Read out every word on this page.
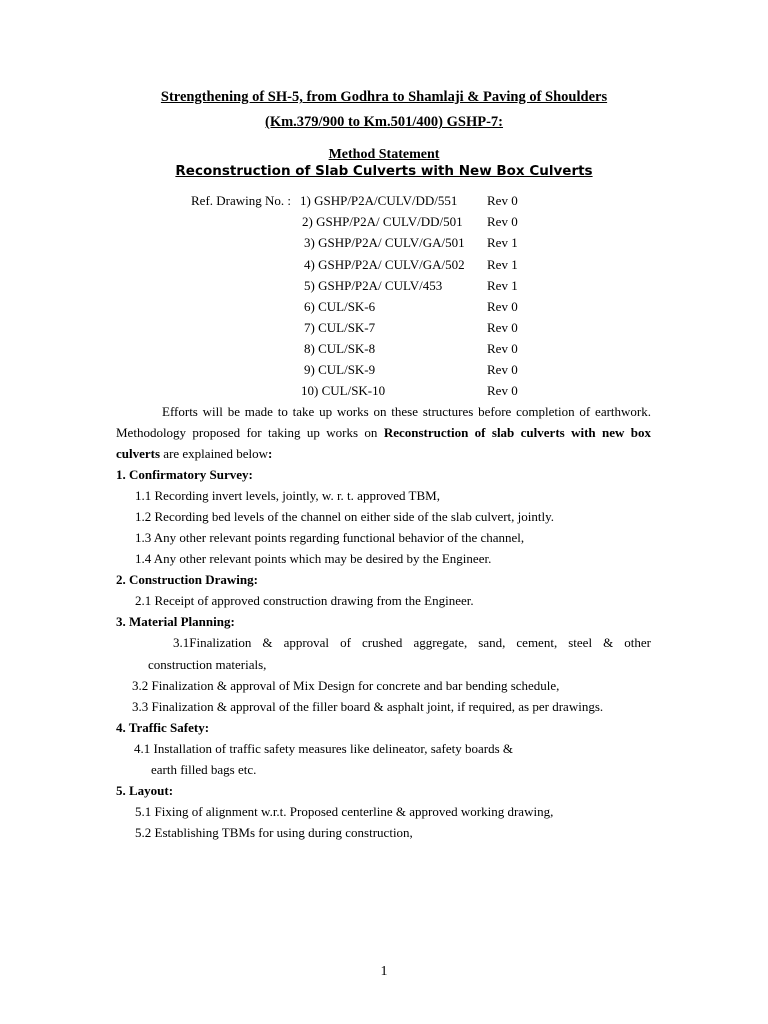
Strengthening of SH-5, from Godhra to Shamlaji & Paving of Shoulders
(Km.379/900 to Km.501/400) GSHP-7:
Method Statement
Reconstruction of Slab Culverts with New Box Culverts
Ref. Drawing No. : 1) GSHP/P2A/CULV/DD/551 Rev 0
2) GSHP/P2A/ CULV/DD/501 Rev 0
3) GSHP/P2A/ CULV/GA/501 Rev 1
4) GSHP/P2A/ CULV/GA/502 Rev 1
5) GSHP/P2A/ CULV/453	Rev 1
6) CUL/SK-6	Rev 0
7) CUL/SK-7	Rev 0
8) CUL/SK-8	Rev 0
9) CUL/SK-9	Rev 0
10) CUL/SK-10	Rev 0
Efforts will be made to take up works on these structures before completion of earthwork.
Methodology proposed for taking up works on Reconstruction of slab culverts with new box
culverts are explained below:
1. Confirmatory Survey:
1.1 Recording invert levels, jointly, w. r. t. approved TBM,
1.2 Recording bed levels of the channel on either side of the slab culvert, jointly.
1.3 Any other relevant points regarding functional behavior of the channel,
1.4 Any other relevant points which may be desired by the Engineer.
2. Construction Drawing:
2.1 Receipt of approved construction drawing from the Engineer.
3. Material Planning:
3.1Finalization & approval of crushed aggregate, sand, cement, steel & other
construction materials,
3.2 Finalization & approval of Mix Design for concrete and bar bending schedule,
3.3 Finalization & approval of the filler board & asphalt joint, if required, as per drawings.
4. Traffic Safety:
4.1 Installation of traffic safety measures like delineator, safety boards &
earth filled bags etc.
5. Layout:
5.1 Fixing of alignment w.r.t. Proposed centerline & approved working drawing,
5.2 Establishing TBMs for using during construction,
1
